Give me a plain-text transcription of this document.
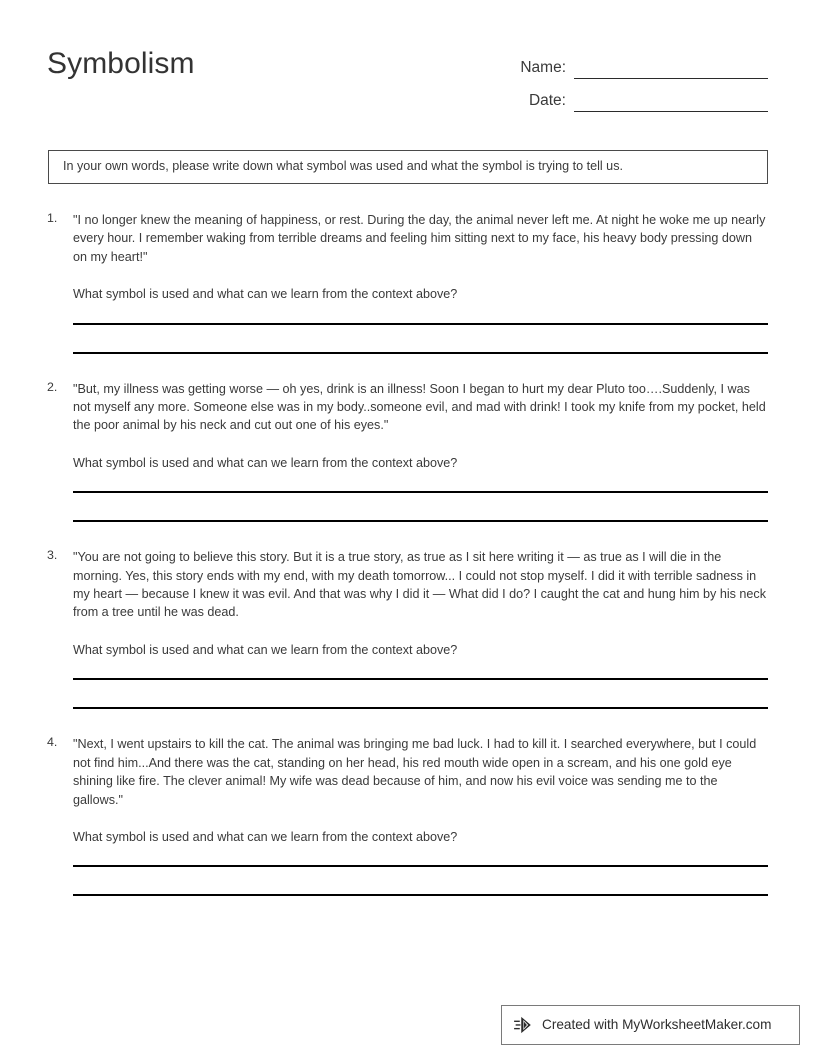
Symbolism	Name:
Date:
In your own words, please write down what symbol was used and what the symbol is trying to tell us.
1.	"I no longer knew the meaning of happiness, or rest. During the day, the animal never left me. At night he woke me up nearly every hour. I remember waking from terrible dreams and feeling him sitting next to my face, his heavy body pressing down on my heart!"
What symbol is used and what can we learn from the context above?
2.	"But, my illness was getting worse — oh yes, drink is an illness! Soon I began to hurt my dear Pluto too….Suddenly, I was not myself any more. Someone else was in my body..someone evil, and mad with drink! I took my knife from my pocket, held the poor animal by his neck and cut out one of his eyes."
What symbol is used and what can we learn from the context above?
3.	"You are not going to believe this story. But it is a true story, as true as I sit here writing it — as true as I will die in the morning. Yes, this story ends with my end, with my death tomorrow... I could not stop myself. I did it with terrible sadness in my heart — because I knew it was evil. And that was why I did it — What did I do? I caught the cat and hung him by his neck from a tree until he was dead.
What symbol is used and what can we learn from the context above?
4.	"Next, I went upstairs to kill the cat. The animal was bringing me bad luck. I had to kill it. I searched everywhere, but I could not find him...And there was the cat, standing on her head, his red mouth wide open in a scream, and his one gold eye shining like fire. The clever animal! My wife was dead because of him, and now his evil voice was sending me to the gallows."
What symbol is used and what can we learn from the context above?
Created with MyWorksheetMaker.com
